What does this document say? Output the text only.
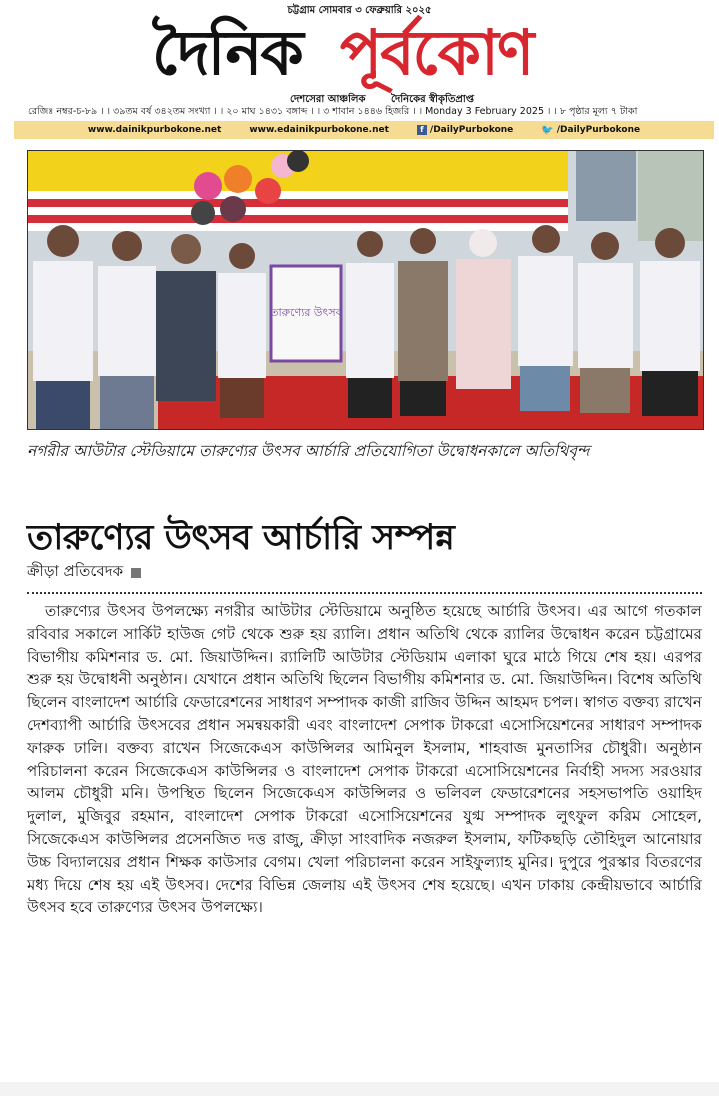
চট্টগ্রাম সোমবার ৩ ফেব্রুয়ারি ২০২৫
দৈনিক পূর্বকোণ
দেশসেরা আঞ্চলিক	দৈনিকের স্বীকৃতিপ্রাপ্ত
রেজিঃ নম্বর-চ-৮৯ । । ৩৯তম বর্ষ ৩৪২তম সংখ্যা । । ২০ মাঘ ১৪৩১ বঙ্গাব্দ । । ৩ শাবান ১৪৪৬ হিজরি । । Monday 3 February 2025 । । ৮ পৃষ্ঠার মূল্য ৭ টাকা
www.dainikpurbokone.net	www.edainikpurbokone.net	f /DailyPurbokone	🐦 /DailyPurbokone
তারুণ্যের উৎসব
নগরীর আউটার স্টেডিয়ামে তারুণ্যের উৎসব আর্চারি প্রতিযোগিতা উদ্বোধনকালে অতিথিবৃন্দ
তারুণ্যের উৎসব আর্চারি সম্পন্ন
ক্রীড়া প্রতিবেদক

তারুণ্যের উৎসব উপলক্ষ্যে নগরীর আউটার স্টেডিয়ামে অনুষ্ঠিত হয়েছে আর্চারি উৎসব। এর আগে গতকাল রবিবার সকালে সার্কিট হাউজ গেট থেকে শুরু হয় র‍্যালি। প্রধান অতিথি থেকে র‍্যালির উদ্বোধন করেন চট্টগ্রামের বিভাগীয় কমিশনার ড. মো. জিয়াউদ্দিন। র‍্যালিটি আউটার স্টেডিয়াম এলাকা ঘুরে মাঠে গিয়ে শেষ হয়। এরপর শুরু হয় উদ্বোধনী অনুষ্ঠান। যেখানে প্রধান অতিথি ছিলেন বিভাগীয় কমিশনার ড. মো. জিয়াউদ্দিন। বিশেষ অতিথি ছিলেন বাংলাদেশ আর্চারি ফেডারেশনের সাধারণ সম্পাদক কাজী রাজিব উদ্দিন আহমদ চপল। স্বাগত বক্তব্য রাখেন দেশব্যাপী আর্চারি উৎসবের প্রধান সমন্বয়কারী এবং বাংলাদেশ সেপাক টাকরো এসোসিয়েশনের সাধারণ সম্পাদক ফারুক ঢালি। বক্তব্য রাখেন সিজেকেএস কাউন্সিলর আমিনুল ইসলাম, শাহবাজ মুনতাসির চৌধুরী। অনুষ্ঠান পরিচালনা করেন সিজেকেএস কাউন্সিলর ও বাংলাদেশ সেপাক টাকরো এসোসিয়েশনের নির্বাহী সদস্য সরওয়ার আলম চৌধুরী মনি। উপস্থিত ছিলেন সিজেকেএস কাউন্সিলর ও ভলিবল ফেডারেশনের সহসভাপতি ওয়াহিদ দুলাল, মুজিবুর রহমান, বাংলাদেশ সেপাক টাকরো এসোসিয়েশনের যুগ্ম সম্পাদক লুৎফুল করিম সোহেল, সিজেকেএস কাউন্সিলর প্রসেনজিত দত্ত রাজু, ক্রীড়া সাংবাদিক নজরুল ইসলাম, ফটিকছড়ি তৌহিদুল আনোয়ার উচ্চ বিদ্যালয়ের প্রধান শিক্ষক কাউসার বেগম। খেলা পরিচালনা করেন সাইফুল্যাহ মুনির। দুপুরে পুরস্কার বিতরণের মধ্য দিয়ে শেষ হয় এই উৎসব। দেশের বিভিন্ন জেলায় এই উৎসব শেষ হয়েছে। এখন ঢাকায় কেন্দ্রীয়ভাবে আর্চারি উৎসব হবে তারুণ্যের উৎসব উপলক্ষ্যে।
